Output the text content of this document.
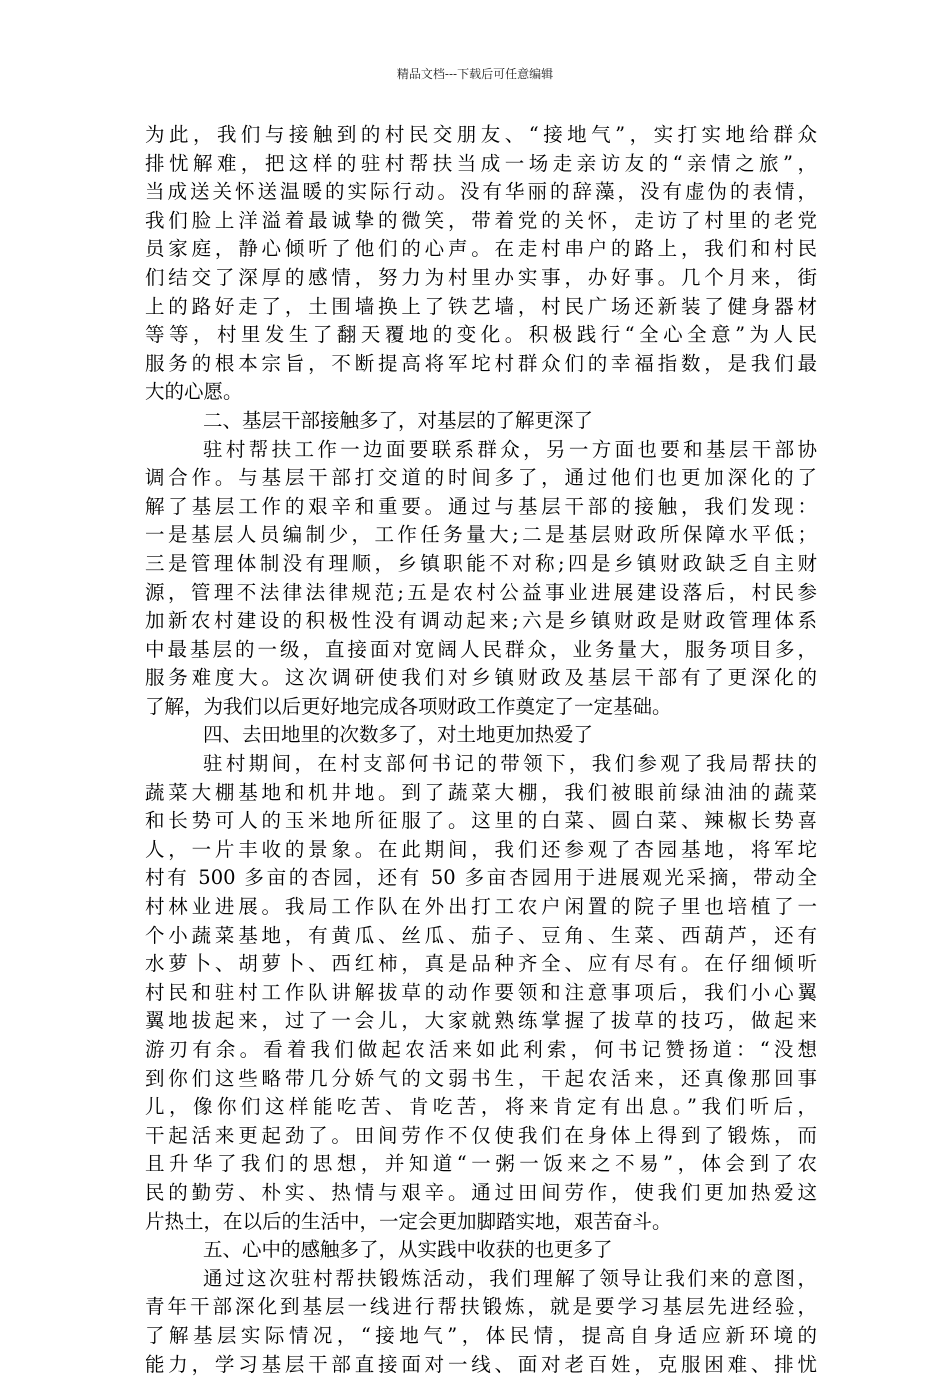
精品文档---下载后可任意编辑
为此，我们与接触到的村民交朋友、“接地气”，实打实地给群众
排忧解难，把这样的驻村帮扶当成一场走亲访友的“亲情之旅”，
当成送关怀送温暖的实际行动。没有华丽的辞藻，没有虚伪的表情，
我们脸上洋溢着最诚挚的微笑，带着党的关怀，走访了村里的老党
员家庭，静心倾听了他们的心声。在走村串户的路上，我们和村民
们结交了深厚的感情，努力为村里办实事，办好事。几个月来，街
上的路好走了，土围墙换上了铁艺墙，村民广场还新装了健身器材
等等，村里发生了翻天覆地的变化。积极践行“全心全意”为人民
服务的根本宗旨，不断提高将军坨村群众们的幸福指数，是我们最
大的心愿。
二、基层干部接触多了，对基层的了解更深了
驻村帮扶工作一边面要联系群众，另一方面也要和基层干部协
调合作。与基层干部打交道的时间多了，通过他们也更加深化的了
解了基层工作的艰辛和重要。通过与基层干部的接触，我们发现：
一是基层人员编制少，工作任务量大;二是基层财政所保障水平低；
三是管理体制没有理顺，乡镇职能不对称;四是乡镇财政缺乏自主财
源，管理不法律法律规范;五是农村公益事业进展建设落后，村民参
加新农村建设的积极性没有调动起来;六是乡镇财政是财政管理体系
中最基层的一级，直接面对宽阔人民群众，业务量大，服务项目多，
服务难度大。这次调研使我们对乡镇财政及基层干部有了更深化的
了解，为我们以后更好地完成各项财政工作奠定了一定基础。
四、去田地里的次数多了，对土地更加热爱了
驻村期间，在村支部何书记的带领下，我们参观了我局帮扶的
蔬菜大棚基地和机井地。到了蔬菜大棚，我们被眼前绿油油的蔬菜
和长势可人的玉米地所征服了。这里的白菜、圆白菜、辣椒长势喜
人，一片丰收的景象。在此期间，我们还参观了杏园基地，将军坨
村有 500 多亩的杏园，还有 50 多亩杏园用于进展观光采摘，带动全
村林业进展。我局工作队在外出打工农户闲置的院子里也培植了一
个小蔬菜基地，有黄瓜、丝瓜、茄子、豆角、生菜、西葫芦，还有
水萝卜、胡萝卜、西红柿，真是品种齐全、应有尽有。在仔细倾听
村民和驻村工作队讲解拔草的动作要领和注意事项后，我们小心翼
翼地拔起来，过了一会儿，大家就熟练掌握了拔草的技巧，做起来
游刃有余。看着我们做起农活来如此利索，何书记赞扬道：“没想
到你们这些略带几分娇气的文弱书生，干起农活来，还真像那回事
儿，像你们这样能吃苦、肯吃苦，将来肯定有出息。”我们听后，
干起活来更起劲了。田间劳作不仅使我们在身体上得到了锻炼，而
且升华了我们的思想，并知道“一粥一饭来之不易”，体会到了农
民的勤劳、朴实、热情与艰辛。通过田间劳作，使我们更加热爱这
片热土，在以后的生活中，一定会更加脚踏实地，艰苦奋斗。
五、心中的感触多了，从实践中收获的也更多了
通过这次驻村帮扶锻炼活动，我们理解了领导让我们来的意图，
青年干部深化到基层一线进行帮扶锻炼，就是要学习基层先进经验，
了解基层实际情况，“接地气”，体民情，提高自身适应新环境的
能力，学习基层干部直接面对一线、面对老百姓，克服困难、排忧
